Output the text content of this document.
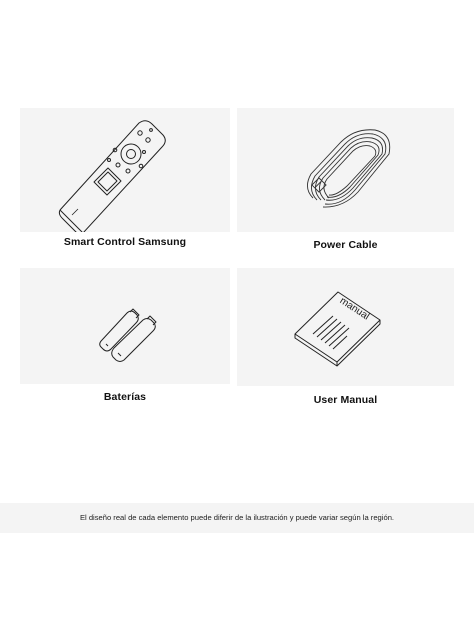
Smart Control Samsung	Power Cable
Baterías
manual
User Manual
El diseño real de cada elemento puede diferir de la ilustración y puede variar según la región.
